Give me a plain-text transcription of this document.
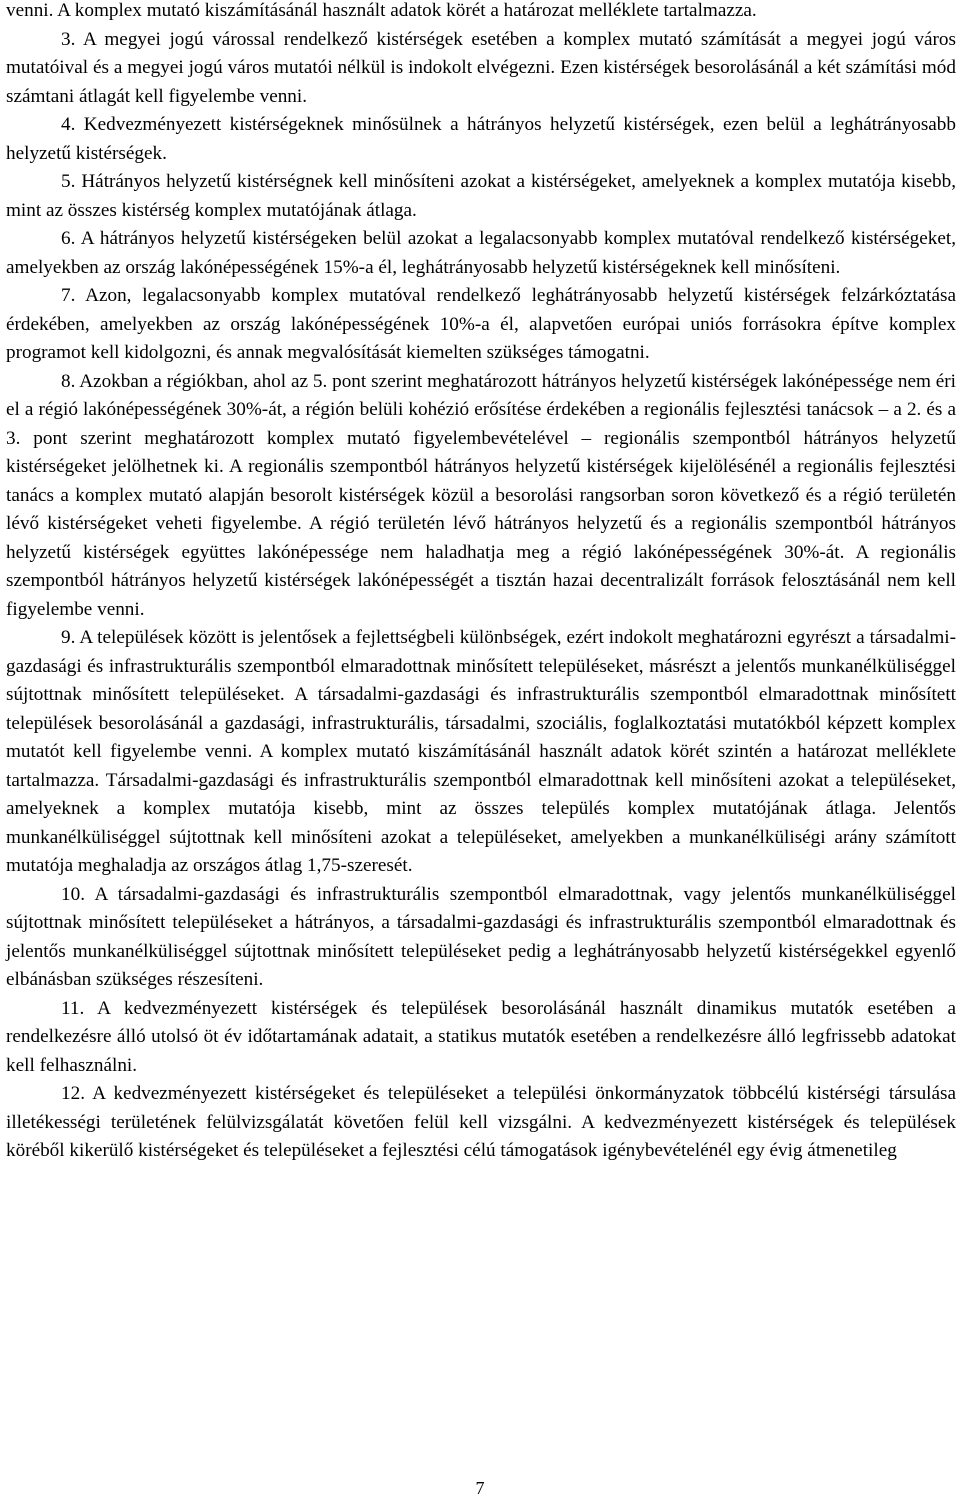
venni. A komplex mutató kiszámításánál használt adatok körét a határozat melléklete tartalmazza.

3. A megyei jogú várossal rendelkező kistérségek esetében a komplex mutató számítását a megyei jogú város mutatóival és a megyei jogú város mutatói nélkül is indokolt elvégezni. Ezen kistérségek besorolásánál a két számítási mód számtani átlagát kell figyelembe venni.

4. Kedvezményezett kistérségeknek minősülnek a hátrányos helyzetű kistérségek, ezen belül a leghátrányosabb helyzetű kistérségek.

5. Hátrányos helyzetű kistérségnek kell minősíteni azokat a kistérségeket, amelyeknek a komplex mutatója kisebb, mint az összes kistérség komplex mutatójának átlaga.

6. A hátrányos helyzetű kistérségeken belül azokat a legalacsonyabb komplex mutatóval rendelkező kistérségeket, amelyekben az ország lakónépességének 15%-a él, leghátrányosabb helyzetű kistérségeknek kell minősíteni.

7. Azon, legalacsonyabb komplex mutatóval rendelkező leghátrányosabb helyzetű kistérségek felzárkóztatása érdekében, amelyekben az ország lakónépességének 10%-a él, alapvetően európai uniós forrásokra építve komplex programot kell kidolgozni, és annak megvalósítását kiemelten szükséges támogatni.

8. Azokban a régiókban, ahol az 5. pont szerint meghatározott hátrányos helyzetű kistérségek lakónépessége nem éri el a régió lakónépességének 30%-át, a régión belüli kohézió erősítése érdekében a regionális fejlesztési tanácsok – a 2. és a 3. pont szerint meghatározott komplex mutató figyelembevételével – regionális szempontból hátrányos helyzetű kistérségeket jelölhetnek ki. A regionális szempontból hátrányos helyzetű kistérségek kijelölésénél a regionális fejlesztési tanács a komplex mutató alapján besorolt kistérségek közül a besorolási rangsorban soron következő és a régió területén lévő kistérségeket veheti figyelembe. A régió területén lévő hátrányos helyzetű és a regionális szempontból hátrányos helyzetű kistérségek együttes lakónépessége nem haladhatja meg a régió lakónépességének 30%-át. A regionális szempontból hátrányos helyzetű kistérségek lakónépességét a tisztán hazai decentralizált források felosztásánál nem kell figyelembe venni.

9. A települések között is jelentősek a fejlettségbeli különbségek, ezért indokolt meghatározni egyrészt a társadalmi-gazdasági és infrastrukturális szempontból elmaradottnak minősített településeket, másrészt a jelentős munkanélküliséggel sújtottnak minősített településeket. A társadalmi-gazdasági és infrastrukturális szempontból elmaradottnak minősített települések besorolásánál a gazdasági, infrastrukturális, társadalmi, szociális, foglalkoztatási mutatókból képzett komplex mutatót kell figyelembe venni. A komplex mutató kiszámításánál használt adatok körét szintén a határozat melléklete tartalmazza. Társadalmi-gazdasági és infrastrukturális szempontból elmaradottnak kell minősíteni azokat a településeket, amelyeknek a komplex mutatója kisebb, mint az összes település komplex mutatójának átlaga. Jelentős munkanélküliséggel sújtottnak kell minősíteni azokat a településeket, amelyekben a munkanélküliségi arány számított mutatója meghaladja az országos átlag 1,75-szeresét.

10. A társadalmi-gazdasági és infrastrukturális szempontból elmaradottnak, vagy jelentős munkanélküliséggel sújtottnak minősített településeket a hátrányos, a társadalmi-gazdasági és infrastrukturális szempontból elmaradottnak és jelentős munkanélküliséggel sújtottnak minősített településeket pedig a leghátrányosabb helyzetű kistérségekkel egyenlő elbánásban szükséges részesíteni.

11. A kedvezményezett kistérségek és települések besorolásánál használt dinamikus mutatók esetében a rendelkezésre álló utolsó öt év időtartamának adatait, a statikus mutatók esetében a rendelkezésre álló legfrissebb adatokat kell felhasználni.

12. A kedvezményezett kistérségeket és településeket a települési önkormányzatok többcélú kistérségi társulása illetékességi területének felülvizsgálatát követően felül kell vizsgálni. A kedvezményezett kistérségek és települések köréből kikerülő kistérségeket és településeket a fejlesztési célú támogatások igénybevételénél egy évig átmenetileg

7
